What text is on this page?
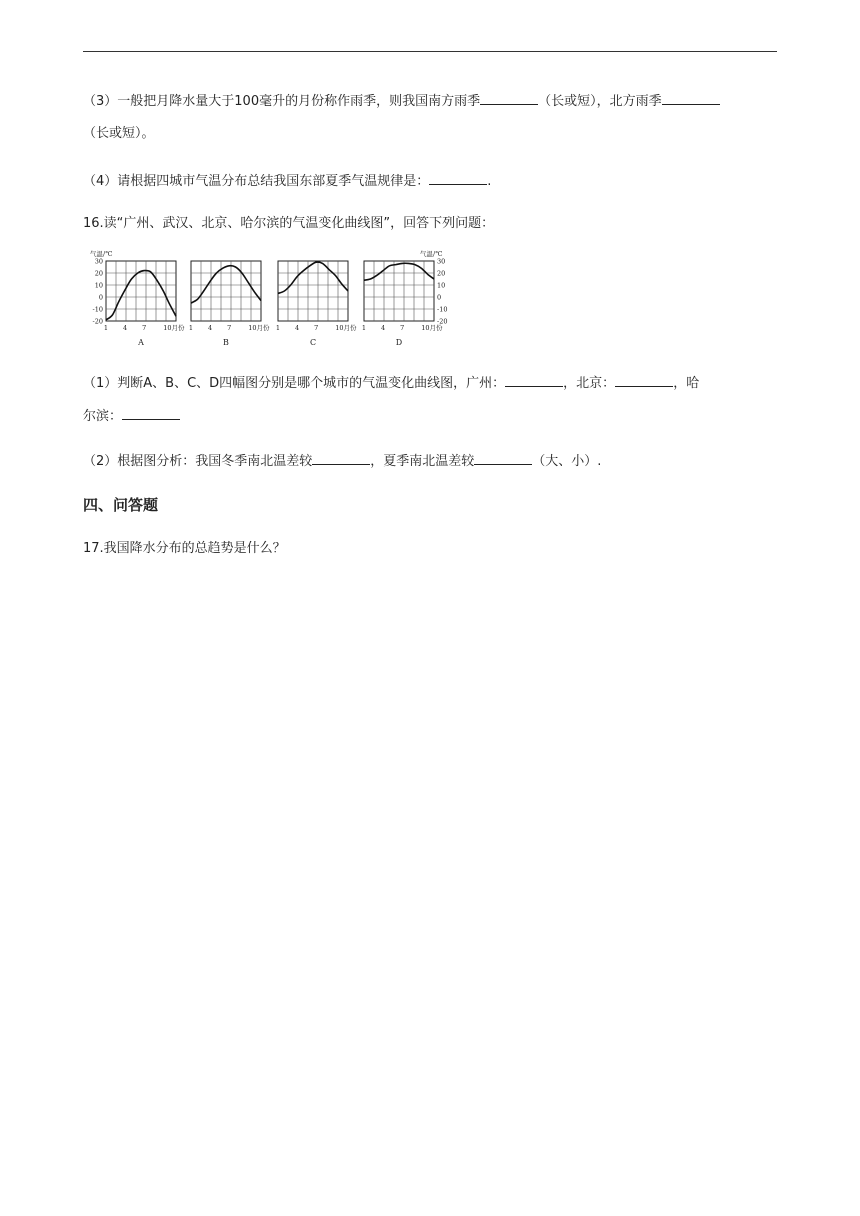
（3）一般把月降水量大于100毫升的月份称作雨季，则我国南方雨季	（长或短），北方雨季
（长或短）。
（4）请根据四城市气温分布总结我国东部夏季气温规律是：	.
16.读“广州、武汉、北京、哈尔滨的气温变化曲线图”，回答下列问题：
30
20
10
0
-10
-20
气温/℃
1 4 7	10月份
A
1 4 7	10月份
B
1 4 7	10月份
C
30
20
10
0
-10
-20
气温/℃
1 4 7	10月份
D
（1）判断A、B、C、D四幅图分别是哪个城市的气温变化曲线图，广州：	，北京：	，哈
尔滨：
（2）根据图分析：我国冬季南北温差较	，夏季南北温差较	（大、小）.
四、问答题
17.我国降水分布的总趋势是什么？
